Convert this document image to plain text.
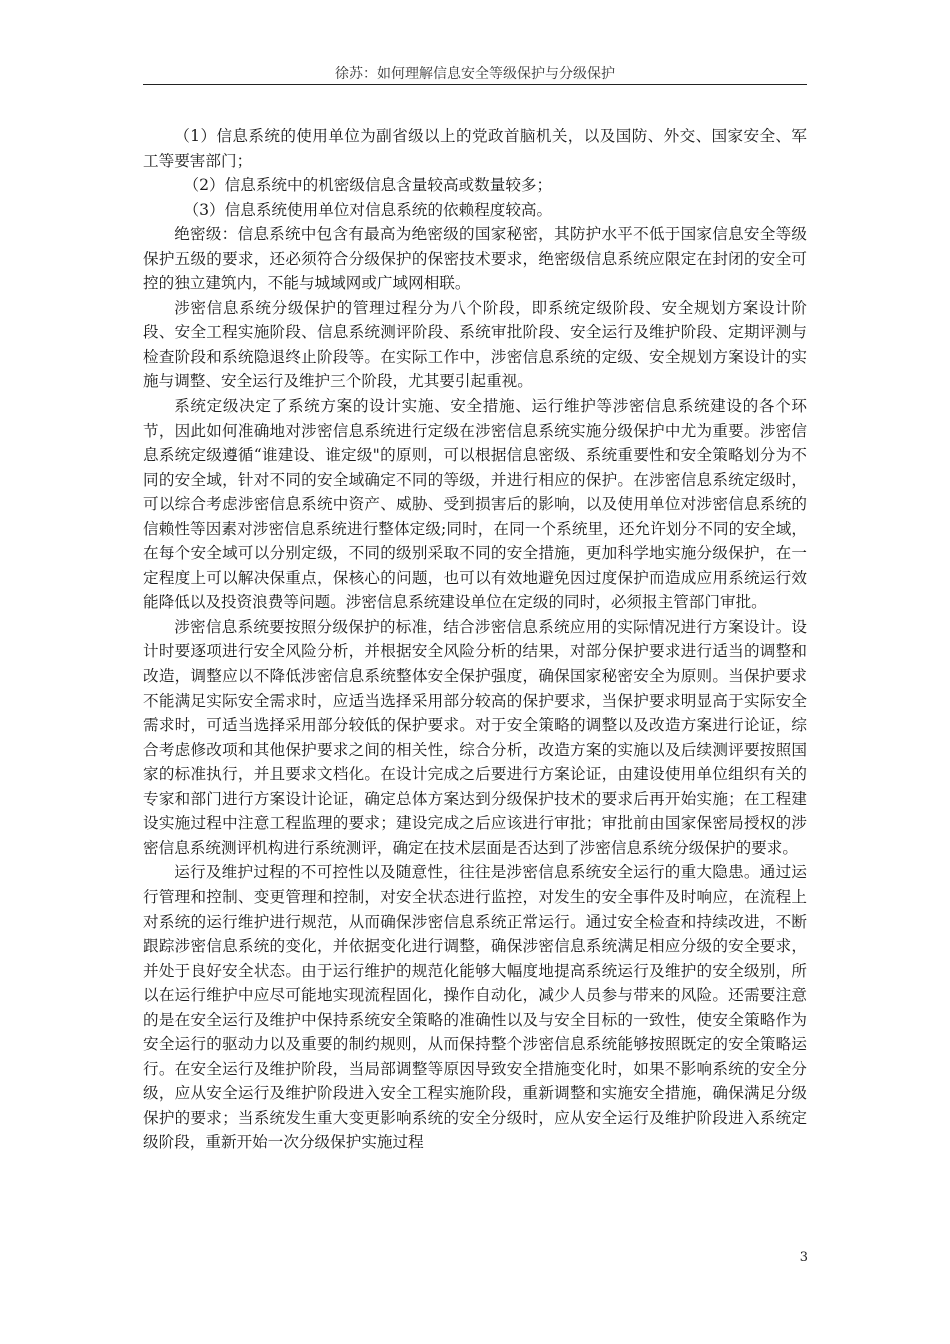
徐苏：如何理解信息安全等级保护与分级保护

（1）信息系统的使用单位为副省级以上的党政首脑机关，以及国防、外交、国家安全、军工等要害部门；

（2）信息系统中的机密级信息含量较高或数量较多；

（3）信息系统使用单位对信息系统的依赖程度较高。

绝密级：信息系统中包含有最高为绝密级的国家秘密，其防护水平不低于国家信息安全等级保护五级的要求，还必须符合分级保护的保密技术要求，绝密级信息系统应限定在封闭的安全可控的独立建筑内，不能与城域网或广域网相联。

涉密信息系统分级保护的管理过程分为八个阶段，即系统定级阶段、安全规划方案设计阶段、安全工程实施阶段、信息系统测评阶段、系统审批阶段、安全运行及维护阶段、定期评测与检查阶段和系统隐退终止阶段等。在实际工作中，涉密信息系统的定级、安全规划方案设计的实施与调整、安全运行及维护三个阶段，尤其要引起重视。

系统定级决定了系统方案的设计实施、安全措施、运行维护等涉密信息系统建设的各个环节，因此如何准确地对涉密信息系统进行定级在涉密信息系统实施分级保护中尤为重要。涉密信息系统定级遵循“谁建设、谁定级"的原则，可以根据信息密级、系统重要性和安全策略划分为不同的安全域，针对不同的安全域确定不同的等级，并进行相应的保护。在涉密信息系统定级时，可以综合考虑涉密信息系统中资产、威胁、受到损害后的影响，以及使用单位对涉密信息系统的信赖性等因素对涉密信息系统进行整体定级;同时，在同一个系统里，还允许划分不同的安全域，在每个安全域可以分别定级，不同的级别采取不同的安全措施，更加科学地实施分级保护，在一定程度上可以解决保重点，保核心的问题，也可以有效地避免因过度保护而造成应用系统运行效能降低以及投资浪费等问题。涉密信息系统建设单位在定级的同时，必须报主管部门审批。

涉密信息系统要按照分级保护的标准，结合涉密信息系统应用的实际情况进行方案设计。设计时要逐项进行安全风险分析，并根据安全风险分析的结果，对部分保护要求进行适当的调整和改造，调整应以不降低涉密信息系统整体安全保护强度，确保国家秘密安全为原则。当保护要求不能满足实际安全需求时，应适当选择采用部分较高的保护要求，当保护要求明显高于实际安全需求时，可适当选择采用部分较低的保护要求。对于安全策略的调整以及改造方案进行论证，综合考虑修改项和其他保护要求之间的相关性，综合分析，改造方案的实施以及后续测评要按照国家的标准执行，并且要求文档化。在设计完成之后要进行方案论证，由建设使用单位组织有关的专家和部门进行方案设计论证，确定总体方案达到分级保护技术的要求后再开始实施；在工程建设实施过程中注意工程监理的要求；建设完成之后应该进行审批；审批前由国家保密局授权的涉密信息系统测评机构进行系统测评，确定在技术层面是否达到了涉密信息系统分级保护的要求。

运行及维护过程的不可控性以及随意性，往往是涉密信息系统安全运行的重大隐患。通过运行管理和控制、变更管理和控制，对安全状态进行监控，对发生的安全事件及时响应，在流程上对系统的运行维护进行规范，从而确保涉密信息系统正常运行。通过安全检查和持续改进，不断跟踪涉密信息系统的变化，并依据变化进行调整，确保涉密信息系统满足相应分级的安全要求，并处于良好安全状态。由于运行维护的规范化能够大幅度地提高系统运行及维护的安全级别，所以在运行维护中应尽可能地实现流程固化，操作自动化，减少人员参与带来的风险。还需要注意的是在安全运行及维护中保持系统安全策略的准确性以及与安全目标的一致性，使安全策略作为安全运行的驱动力以及重要的制约规则，从而保持整个涉密信息系统能够按照既定的安全策略运行。在安全运行及维护阶段，当局部调整等原因导致安全措施变化时，如果不影响系统的安全分级，应从安全运行及维护阶段进入安全工程实施阶段，重新调整和实施安全措施，确保满足分级保护的要求；当系统发生重大变更影响系统的安全分级时，应从安全运行及维护阶段进入系统定级阶段，重新开始一次分级保护实施过程

3
